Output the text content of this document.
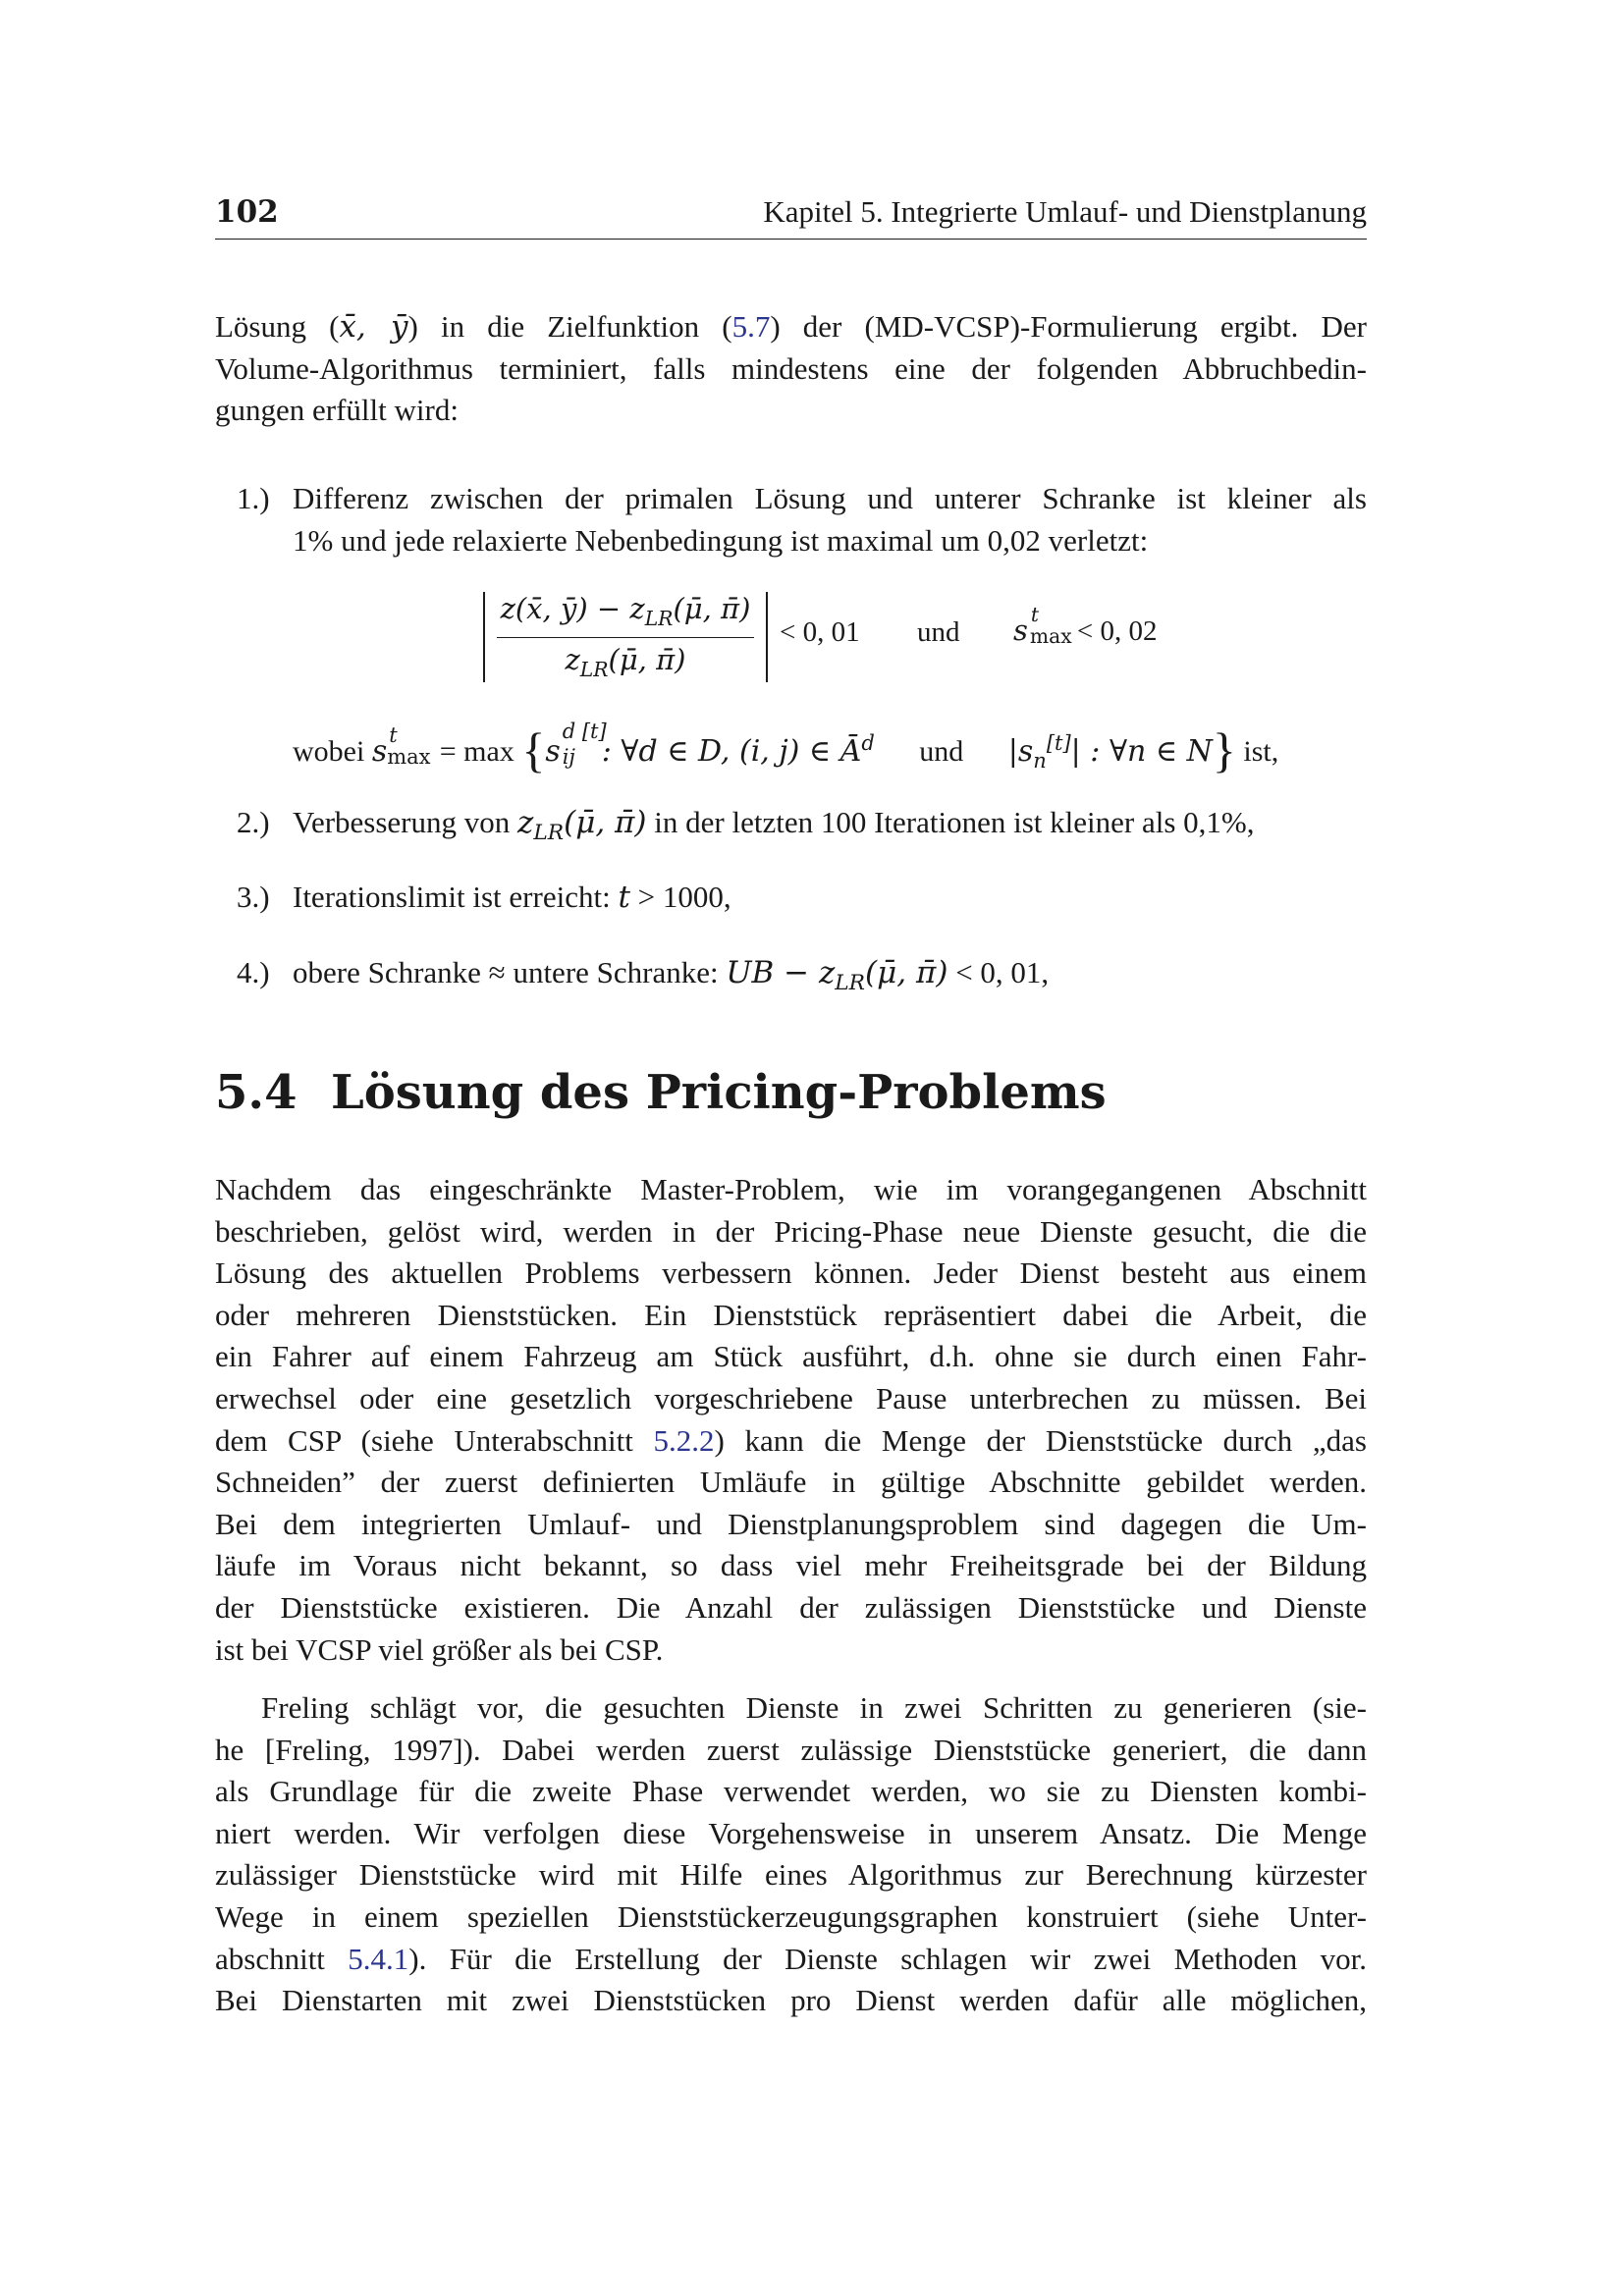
102	Kapitel 5. Integrierte Umlauf- und Dienstplanung
Lösung (x̄, ȳ) in die Zielfunktion (5.7) der (MD-VCSP)-Formulierung ergibt. Der
Volume-Algorithmus terminiert, falls mindestens eine der folgenden Abbruchbedin-
gungen erfüllt wird:
1.) Differenz zwischen der primalen Lösung und unterer Schranke ist kleiner als
1% und jede relaxierte Nebenbedingung ist maximal um 0,02 verletzt:
z(x̄, ȳ) − $z_{LR}(\mū$, π̄)
$z_{LR}(\mū$, π̄)
< 0, 01 und s t
max < 0, 02
wobei s t
max = max {s
d [t]
ij : ∀d ∈ D, (i, j) ∈ $Ā^d$ und $|s_n[t]|$ : ∀n ∈ N} ist,
2.) Verbesserung von $z_{LR}(\mū$, π̄) in der letzten 100 Iterationen ist kleiner als 0,1%,
3.) Iterationslimit ist erreicht: t > 1000,
4.) obere Schranke ≈ untere Schranke: UB − $z_{LR}(\mū$, π̄) < 0, 01,
5.4 Lösung des Pricing-Problems
Nachdem das eingeschränkte Master-Problem, wie im vorangegangenen Abschnitt
beschrieben, gelöst wird, werden in der Pricing-Phase neue Dienste gesucht, die die
Lösung des aktuellen Problems verbessern können. Jeder Dienst besteht aus einem
oder mehreren Dienststücken. Ein Dienststück repräsentiert dabei die Arbeit, die
ein Fahrer auf einem Fahrzeug am Stück ausführt, d.h. ohne sie durch einen Fahr-
erwechsel oder eine gesetzlich vorgeschriebene Pause unterbrechen zu müssen. Bei
dem CSP (siehe Unterabschnitt 5.2.2) kann die Menge der Dienststücke durch „das
Schneiden” der zuerst definierten Umläufe in gültige Abschnitte gebildet werden.
Bei dem integrierten Umlauf- und Dienstplanungsproblem sind dagegen die Um-
läufe im Voraus nicht bekannt, so dass viel mehr Freiheitsgrade bei der Bildung
der Dienststücke existieren. Die Anzahl der zulässigen Dienststücke und Dienste
ist bei VCSP viel größer als bei CSP.
Freling schlägt vor, die gesuchten Dienste in zwei Schritten zu generieren (sie-
he [Freling, 1997]). Dabei werden zuerst zulässige Dienststücke generiert, die dann
als Grundlage für die zweite Phase verwendet werden, wo sie zu Diensten kombi-
niert werden. Wir verfolgen diese Vorgehensweise in unserem Ansatz. Die Menge
zulässiger Dienststücke wird mit Hilfe eines Algorithmus zur Berechnung kürzester
Wege in einem speziellen Dienststückerzeugungsgraphen konstruiert (siehe Unter-
abschnitt 5.4.1). Für die Erstellung der Dienste schlagen wir zwei Methoden vor.
Bei Dienstarten mit zwei Dienststücken pro Dienst werden dafür alle möglichen,
